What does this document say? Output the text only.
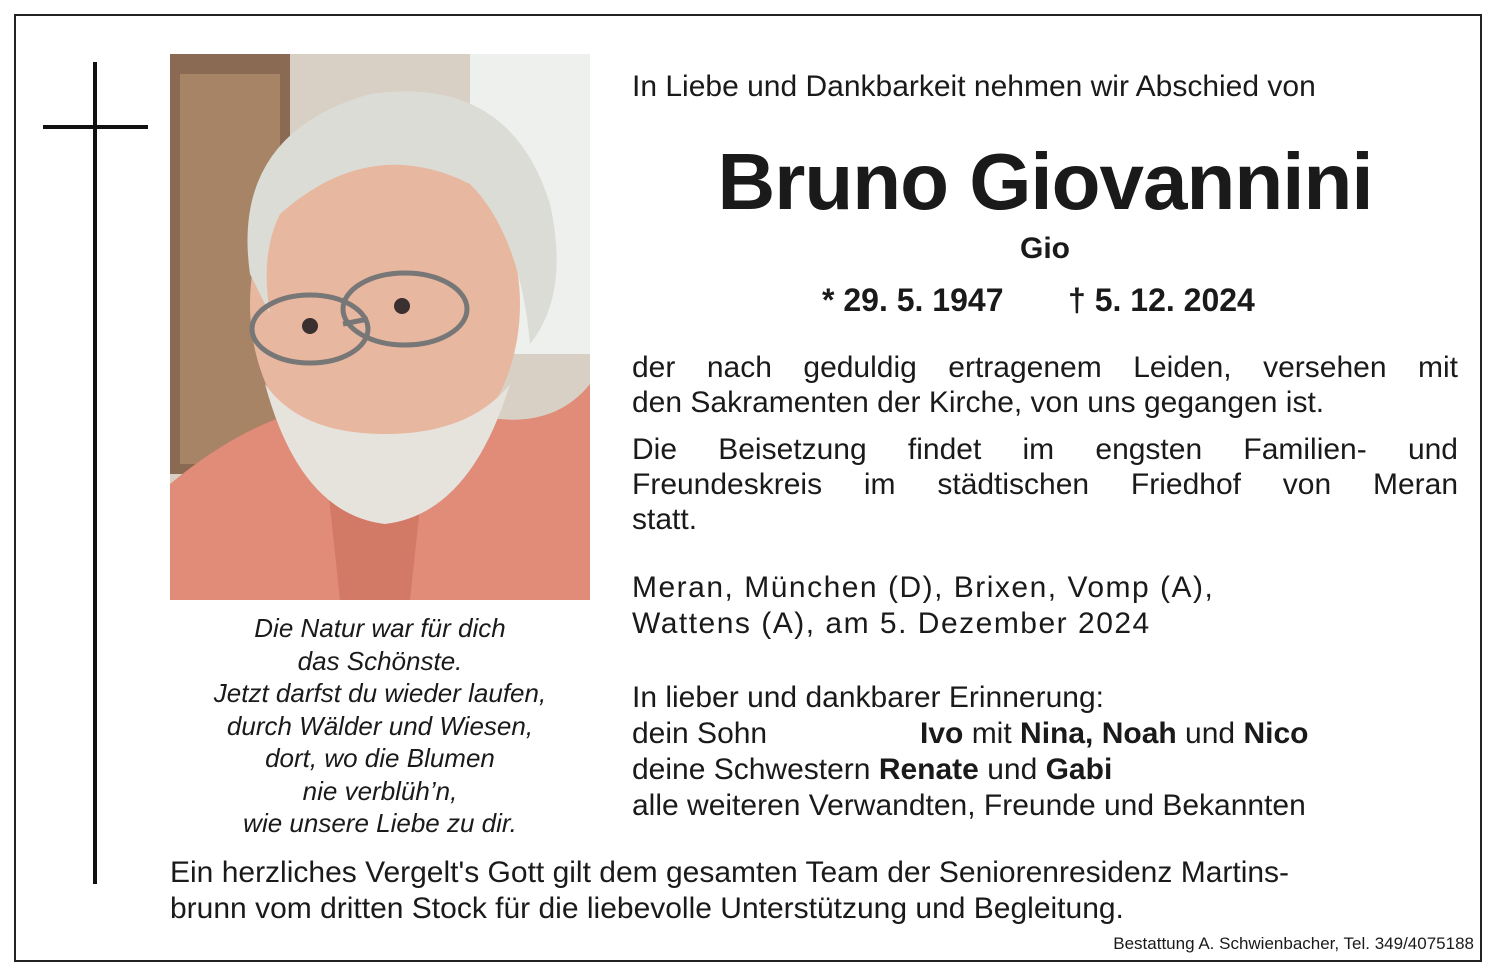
Die Natur war für dich
das Schönste.
Jetzt darfst du wieder laufen,
durch Wälder und Wiesen,
dort, wo die Blumen
nie verblüh’n,
wie unsere Liebe zu dir.
In Liebe und Dankbarkeit nehmen wir Abschied von
Bruno Giovannini
Gio
* 29. 5. 1947 † 5. 12. 2024
der nach geduldig ertragenem Leiden, versehen mit
den Sakramenten der Kirche, von uns gegangen ist.
Die Beisetzung findet im engsten Familien- und
Freundeskreis im städtischen Friedhof von Meran
statt.
Meran, München (D), Brixen, Vomp (A),
Wattens (A), am 5. Dezember 2024
In lieber und dankbarer Erinnerung:
dein Sohn	Ivo mit Nina, Noah und Nico
deine Schwestern Renate und Gabi
alle weiteren Verwandten, Freunde und Bekannten
Ein herzliches Vergelt's Gott gilt dem gesamten Team der Seniorenresidenz Martins-
brunn vom dritten Stock für die liebevolle Unterstützung und Begleitung.
Bestattung A. Schwienbacher, Tel. 349/4075188
